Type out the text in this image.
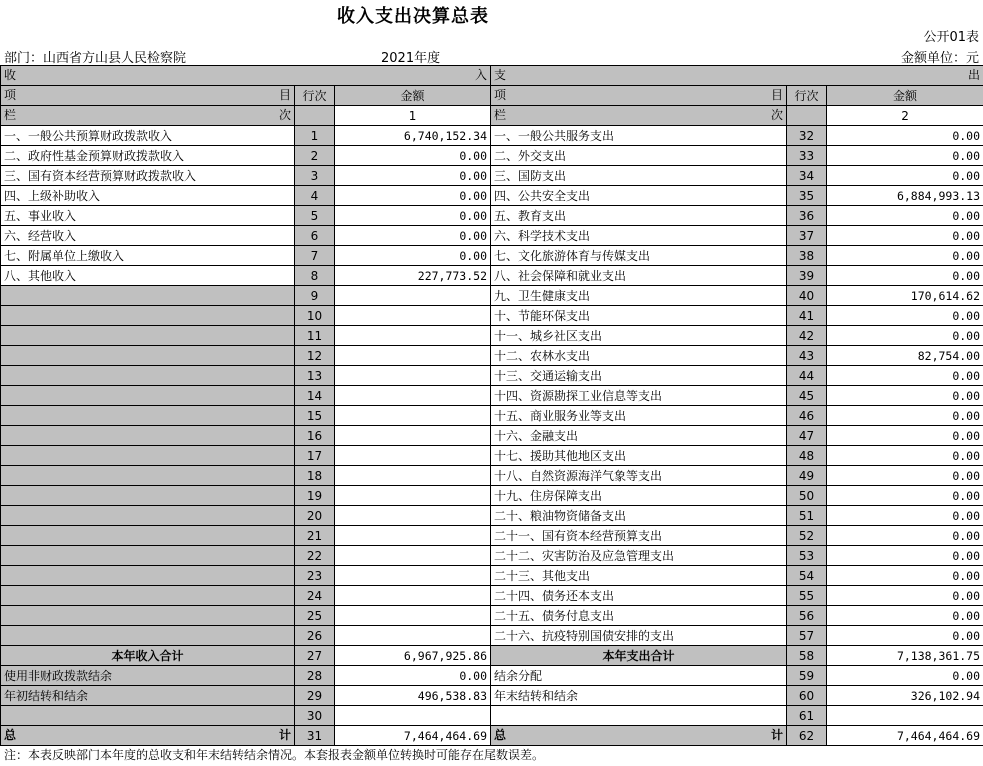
收入支出决算总表
公开01表
部门：山西省方山县人民检察院	2021年度	金额单位：元
收 入			支 出		

项 目	行次	金额	项 目	行次	金额

栏 次		1	栏 次		2
一、一般公共预算财政拨款收入	1	6,740,152.34	一、一般公共服务支出	32	0.00
二、政府性基金预算财政拨款收入	2	0.00	二、外交支出	33	0.00
三、国有资本经营预算财政拨款收入	3	0.00	三、国防支出	34	0.00
四、上级补助收入	4	0.00	四、公共安全支出	35	6,884,993.13
五、事业收入	5	0.00	五、教育支出	36	0.00
六、经营收入	6	0.00	六、科学技术支出	37	0.00
七、附属单位上缴收入	7	0.00	七、文化旅游体育与传媒支出	38	0.00
八、其他收入	8	227,773.52	八、社会保障和就业支出	39	0.00
	9		九、卫生健康支出	40	170,614.62
	10		十、节能环保支出	41	0.00
	11		十一、城乡社区支出	42	0.00
	12		十二、农林水支出	43	82,754.00
	13		十三、交通运输支出	44	0.00
	14		十四、资源勘探工业信息等支出	45	0.00
	15		十五、商业服务业等支出	46	0.00
	16		十六、金融支出	47	0.00
	17		十七、援助其他地区支出	48	0.00
	18		十八、自然资源海洋气象等支出	49	0.00
	19		十九、住房保障支出	50	0.00
	20		二十、粮油物资储备支出	51	0.00
	21		二十一、国有资本经营预算支出	52	0.00
	22		二十二、灾害防治及应急管理支出	53	0.00
	23		二十三、其他支出	54	0.00
	24		二十四、债务还本支出	55	0.00
	25		二十五、债务付息支出	56	0.00
	26		二十六、抗疫特别国债安排的支出	57	0.00
本年收入合计	27	6,967,925.86	本年支出合计	58	7,138,361.75
使用非财政拨款结余	28	0.00	结余分配	59	0.00
年初结转和结余	29	496,538.83	年末结转和结余	60	326,102.94
	30			61	

总 计	31	7,464,464.69	总 计	62	7,464,464.69
注：本表反映部门本年度的总收支和年末结转结余情况。本套报表金额单位转换时可能存在尾数误差。
